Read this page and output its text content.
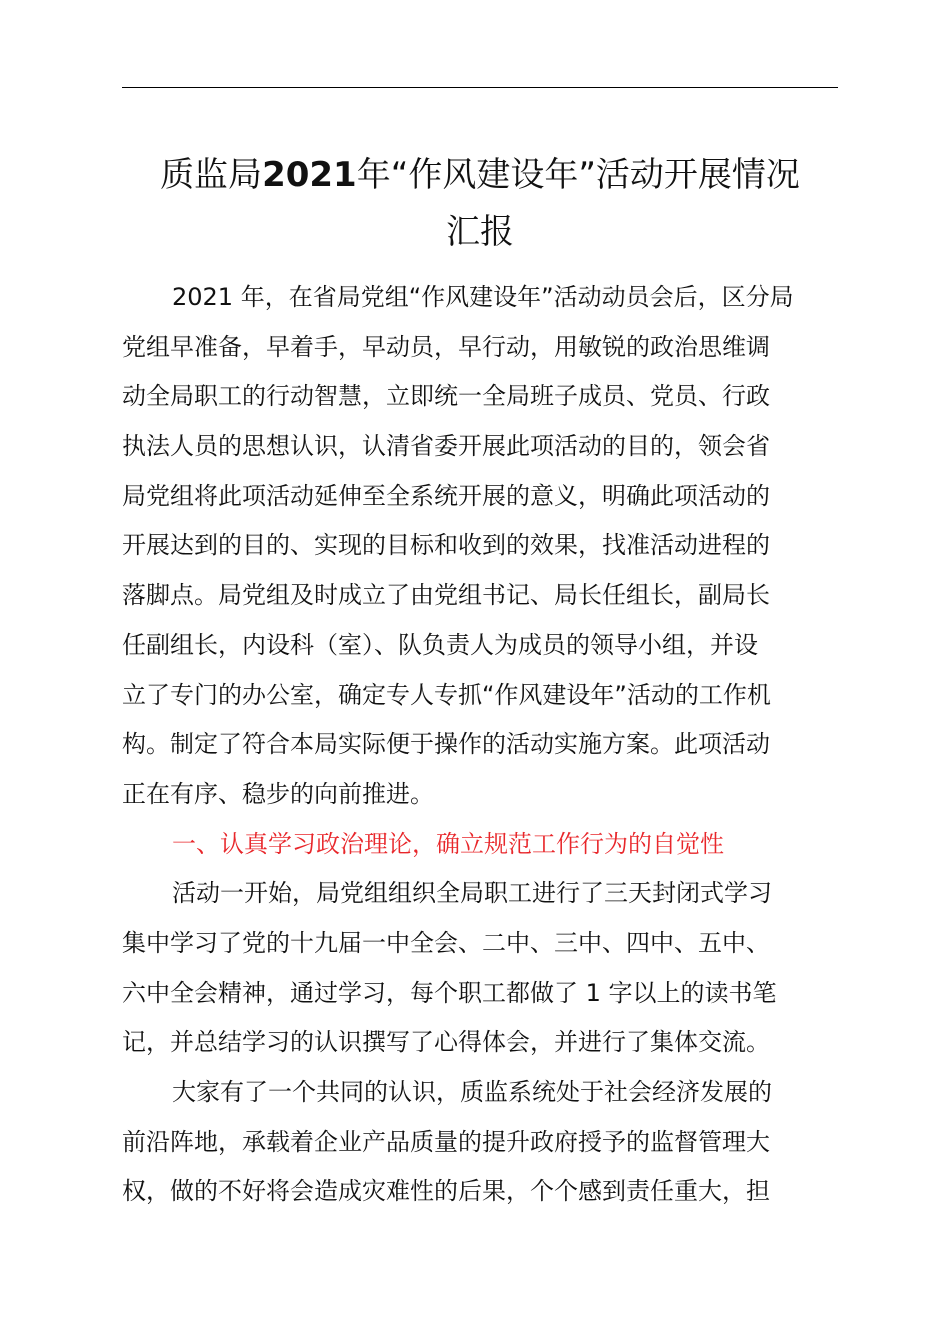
质监局2021年“作风建设年”活动开展情况
汇报
2021 年，在省局党组“作风建设年”活动动员会后，区分局
党组早准备，早着手，早动员，早行动，用敏锐的政治思维调
动全局职工的行动智慧，立即统一全局班子成员、党员、行政
执法人员的思想认识，认清省委开展此项活动的目的，领会省
局党组将此项活动延伸至全系统开展的意义，明确此项活动的
开展达到的目的、实现的目标和收到的效果，找准活动进程的
落脚点。局党组及时成立了由党组书记、局长任组长，副局长
任副组长，内设科（室）、队负责人为成员的领导小组，并设
立了专门的办公室，确定专人专抓“作风建设年”活动的工作机
构。制定了符合本局实际便于操作的活动实施方案。此项活动
正在有序、稳步的向前推进。
一、认真学习政治理论，确立规范工作行为的自觉性
活动一开始，局党组组织全局职工进行了三天封闭式学习
集中学习了党的十九届一中全会、二中、三中、四中、五中、
六中全会精神，通过学习，每个职工都做了 1 字以上的读书笔
记，并总结学习的认识撰写了心得体会，并进行了集体交流。
大家有了一个共同的认识，质监系统处于社会经济发展的
前沿阵地，承载着企业产品质量的提升政府授予的监督管理大
权，做的不好将会造成灾难性的后果，个个感到责任重大，担
